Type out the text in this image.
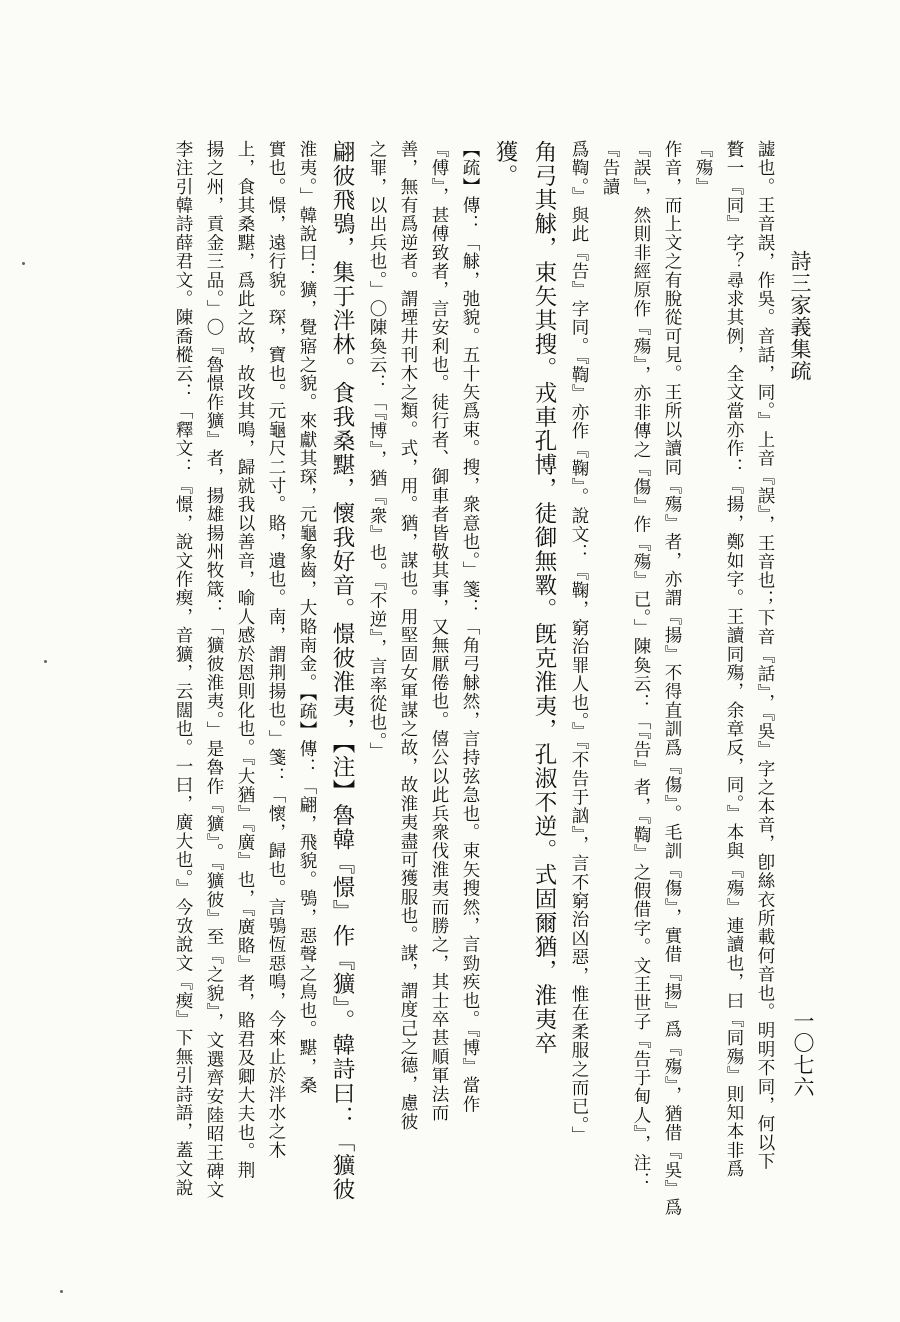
詩三家義集疏
一〇七六
譃也。王音誤，作吳。音話，同。』上音『誤』，王音也；下音『話』，『吳』字之本音，卽絲衣所載何音也。明明不同，何以下
贅一『同』字？尋求其例，全文當亦作：『揚，鄭如字。王讀同殤，余章反，同。』本與『殤』連讀也，曰『同殤』則知本非爲『殤』
作音，而上文之有脫從可見。王所以讀同『殤』者，亦謂『揚』不得直訓爲『傷』。毛訓『傷』，實借『揚』爲『殤』，猶借『吳』爲
『誤』，然則非經原作『殤』，亦非傳之『傷』作『殤』已。」陳奐云：「『告』者，『鞫』之假借字。文王世子『告于甸人』，注：『告讀
爲鞫。』與此『告』字同。『鞫』亦作『鞠』。說文：『鞠，窮治罪人也。』『不告于訩』，言不窮治凶惡，惟在柔服之而已。」
角弓其觩，束矢其搜。戎車孔博，徒御無斁。旣克淮夷，孔淑不逆。式固爾猶，淮夷卒
獲。
【疏】傳：「觩，弛貌。五十矢爲束。搜，衆意也。」箋：「角弓觩然，言持弦急也。束矢搜然，言勁疾也。『博』當作
『傅』，甚傅致者，言安利也。徒行者、御車者皆敬其事，又無厭倦也。僖公以此兵衆伐淮夷而勝之，其士卒甚順軍法而
善，無有爲逆者。謂堙井刊木之類。式，用。猶，謀也。用堅固女軍謀之故，故淮夷盡可獲服也。謀，謂度己之德，慮彼
之罪，以出兵也。」〇陳奐云：「『博』，猶『衆』也。『不逆』，言率從也。」
翩彼飛鴞，集于泮林。食我桑黮，懷我好音。憬彼淮夷，【注】魯韓『憬』作『獷』。韓詩曰：「獷彼
淮夷。」韓說曰：獷，覺寤之貌。來獻其琛，元龜象齒，大賂南金。【疏】傳：「翩，飛貌。鴞，惡聲之鳥也。黮，桑
實也。憬，遠行貌。琛，寶也。元龜尺二寸。賂，遺也。南，謂荆揚也。」箋：「懷，歸也。言鴞恆惡鳴，今來止於泮水之木
上，食其桑黮，爲此之故，故改其鳴，歸就我以善音，喻人感於恩則化也。『大猶』『廣』也，『廣賂』者，賂君及卿大夫也。荆
揚之州，貢金三品。」〇『魯憬作獷』者，揚雄揚州牧箴：「獷彼淮夷。」是魯作『獷』。『獷彼』至『之貌』，文選齊安陸昭王碑文
李注引韓詩薛君文。陳喬樅云：「釋文：『憬，說文作瘈，音獷，云闊也。一曰，廣大也。』今攷說文『瘈』下無引詩語，蓋文說
